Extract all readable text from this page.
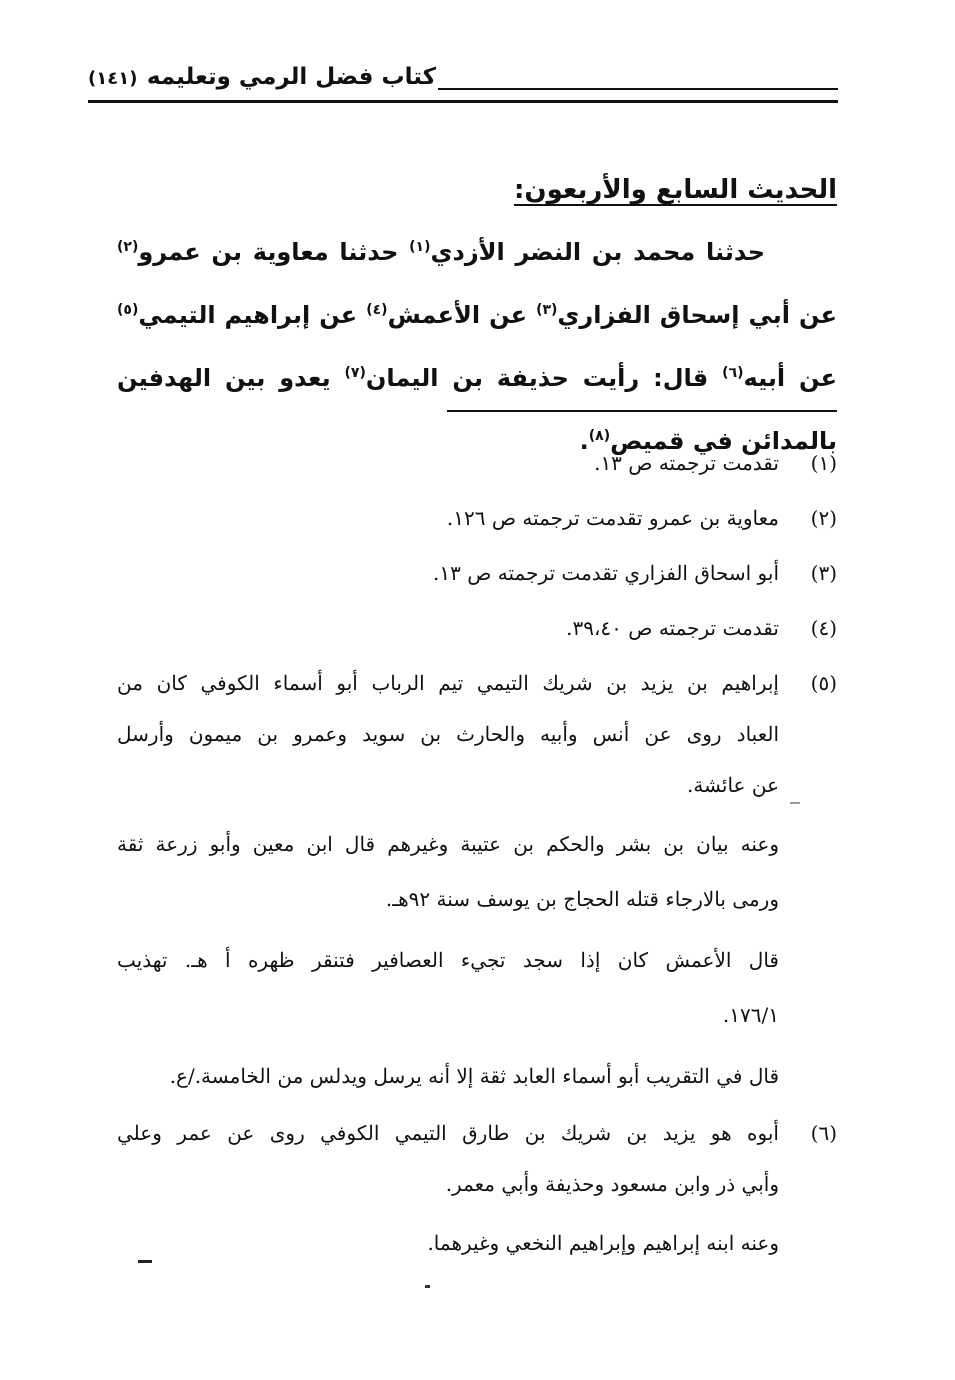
كتاب فضل الرمي وتعليمه
(١٤١)
الحديث السابع والأربعون:

حدثنا محمد بن النضر الأزدي$^{(١)}$ حدثنا معاوية بن عمرو$^{(٢)}$ عن أبي إسحاق الفزاري$^{(٣)}$ عن الأعمش$^{(٤)}$ عن إبراهيم التيمي$^{(٥)}$ عن أبيه$^{(٦)}$ قال: رأيت حذيفة بن اليمان$^{(٧)}$ يعدو بين الهدفين بالمدائن في قميص$^{(٨)}$.

(١)

تقدمت ترجمته ص ١٣.

(٢)

معاوية بن عمرو تقدمت ترجمته ص ١٢٦.

(٣)

أبو اسحاق الفزاري تقدمت ترجمته ص ١٣.

(٤)

تقدمت ترجمته ص ٣٩،٤٠.

(٥)

إبراهيم بن يزيد بن شريك التيمي تيم الرباب أبو أسماء الكوفي كان من

العباد روى عن أنس وأبيه والحارث بن سويد وعمرو بن ميمون وأرسل

عن عائشة.

وعنه بيان بن بشر والحكم بن عتيبة وغيرهم قال ابن معين وأبو زرعة ثقة

ورمى بالارجاء قتله الحجاج بن يوسف سنة ٩٢هـ.

قال الأعمش كان إذا سجد تجيء العصافير فتنقر ظهره أ هـ. تهذيب

١٧٦/١.

قال في التقريب أبو أسماء العابد ثقة إلا أنه يرسل ويدلس من الخامسة./ع.

(٦)

أبوه هو يزيد بن شريك بن طارق التيمي الكوفي روى عن عمر وعلي

وأبي ذر وابن مسعود وحذيفة وأبي معمر.

وعنه ابنه إبراهيم وإبراهيم النخعي وغيرهما.
